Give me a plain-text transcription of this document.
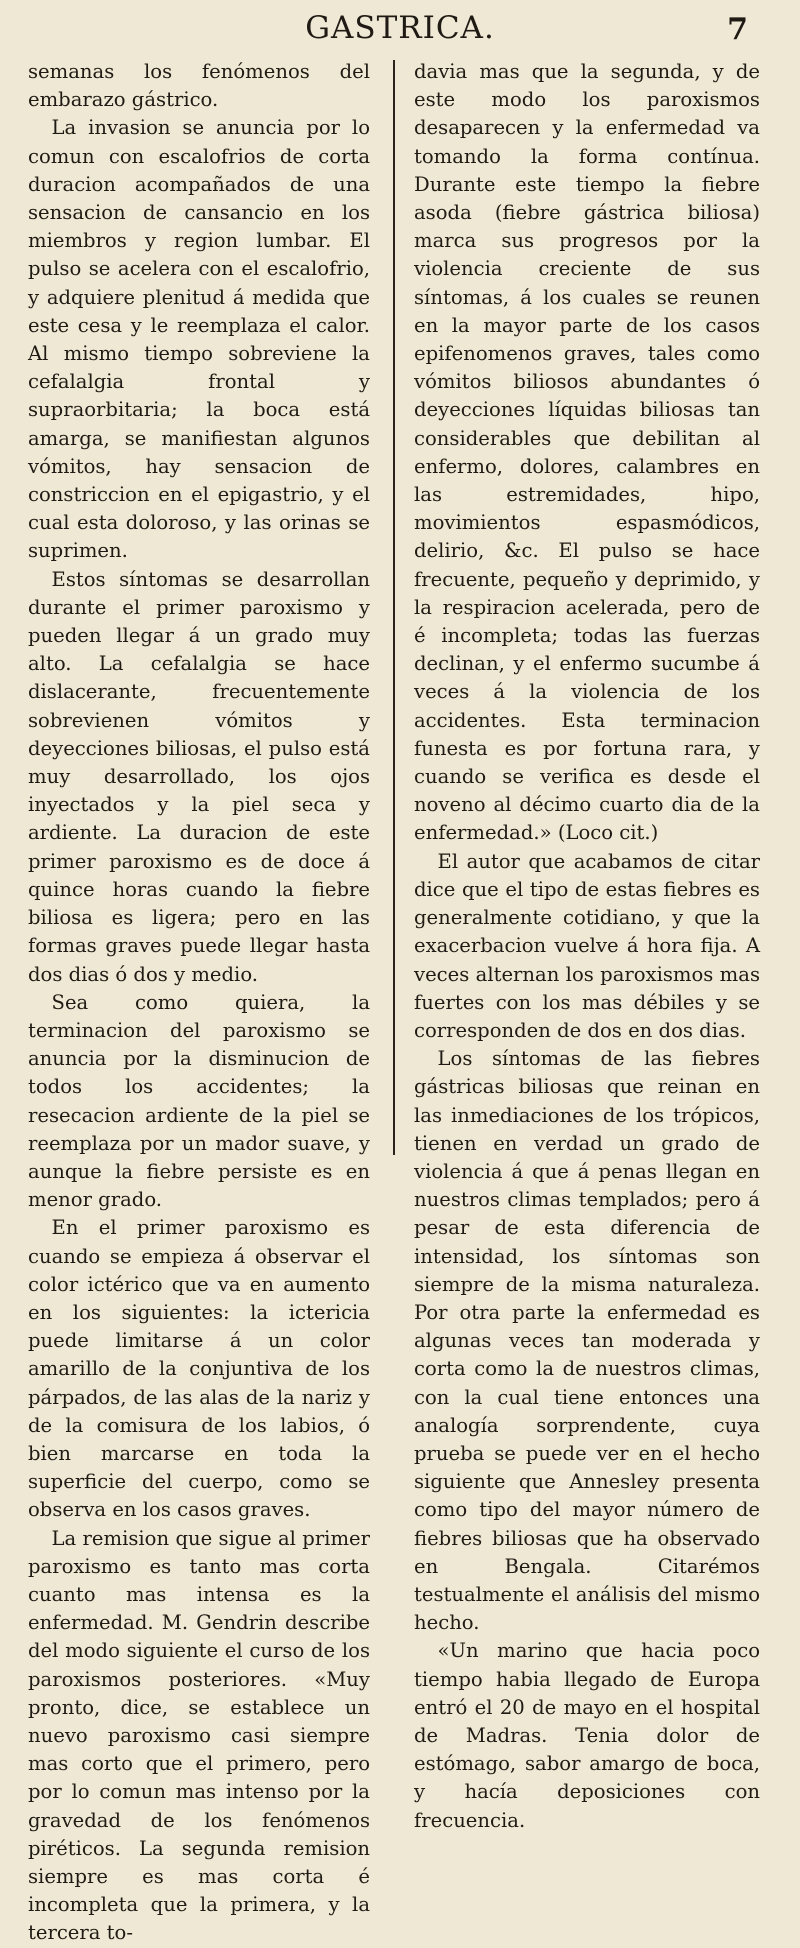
GASTRICA.	7

semanas los fenómenos del embarazo gástrico.

La invasion se anuncia por lo comun con escalofrios de corta duracion acompañados de una sensacion de cansancio en los miembros y region lumbar. El pulso se acelera con el escalofrio, y adquiere plenitud á medida que este cesa y le reemplaza el calor. Al mismo tiempo sobreviene la cefalalgia frontal y supraorbitaria; la boca está amarga, se manifiestan algunos vómitos, hay sensacion de constriccion en el epigastrio, y el cual esta doloroso, y las orinas se suprimen.

Estos síntomas se desarrollan durante el primer paroxismo y pueden llegar á un grado muy alto. La cefalalgia se hace dislacerante, frecuentemente sobrevienen vómitos y deyecciones biliosas, el pulso está muy desarrollado, los ojos inyectados y la piel seca y ardiente. La duracion de este primer paroxismo es de doce á quince horas cuando la fiebre biliosa es ligera; pero en las formas graves puede llegar hasta dos dias ó dos y medio.

Sea como quiera, la terminacion del paroxismo se anuncia por la disminucion de todos los accidentes; la resecacion ardiente de la piel se reemplaza por un mador suave, y aunque la fiebre persiste es en menor grado.

En el primer paroxismo es cuando se empieza á observar el color ictérico que va en aumento en los siguientes: la ictericia puede limitarse á un color amarillo de la conjuntiva de los párpados, de las alas de la nariz y de la comisura de los labios, ó bien marcarse en toda la superficie del cuerpo, como se observa en los casos graves.

La remision que sigue al primer paroxismo es tanto mas corta cuanto mas intensa es la enfermedad. M. Gendrin describe del modo siguiente el curso de los paroxismos posteriores. «Muy pronto, dice, se establece un nuevo paroxismo casi siempre mas corto que el primero, pero por lo comun mas intenso por la gravedad de los fenómenos piréticos. La segunda remision siempre es mas corta é incompleta que la primera, y la tercera to-

davia mas que la segunda, y de este modo los paroxismos desaparecen y la enfermedad va tomando la forma contínua. Durante este tiempo la fiebre asoda (fiebre gástrica biliosa) marca sus progresos por la violencia creciente de sus síntomas, á los cuales se reunen en la mayor parte de los casos epifenomenos graves, tales como vómitos biliosos abundantes ó deyecciones líquidas biliosas tan considerables que debilitan al enfermo, dolores, calambres en las estremidades, hipo, movimientos espasmódicos, delirio, &c. El pulso se hace frecuente, pequeño y deprimido, y la respiracion acelerada, pero de é incompleta; todas las fuerzas declinan, y el enfermo sucumbe á veces á la violencia de los accidentes. Esta terminacion funesta es por fortuna rara, y cuando se verifica es desde el noveno al décimo cuarto dia de la enfermedad.» (Loco cit.)

El autor que acabamos de citar dice que el tipo de estas fiebres es generalmente cotidiano, y que la exacerbacion vuelve á hora fija. A veces alternan los paroxismos mas fuertes con los mas débiles y se corresponden de dos en dos dias.

Los síntomas de las fiebres gástricas biliosas que reinan en las inmediaciones de los trópicos, tienen en verdad un grado de violencia á que á penas llegan en nuestros climas templados; pero á pesar de esta diferencia de intensidad, los síntomas son siempre de la misma naturaleza. Por otra parte la enfermedad es algunas veces tan moderada y corta como la de nuestros climas, con la cual tiene entonces una analogía sorprendente, cuya prueba se puede ver en el hecho siguiente que Annesley presenta como tipo del mayor número de fiebres biliosas que ha observado en Bengala. Citarémos testualmente el análisis del mismo hecho.

«Un marino que hacia poco tiempo habia llegado de Europa entró el 20 de mayo en el hospital de Madras. Tenia dolor de estómago, sabor amargo de boca, y hacía deposiciones con frecuencia.
